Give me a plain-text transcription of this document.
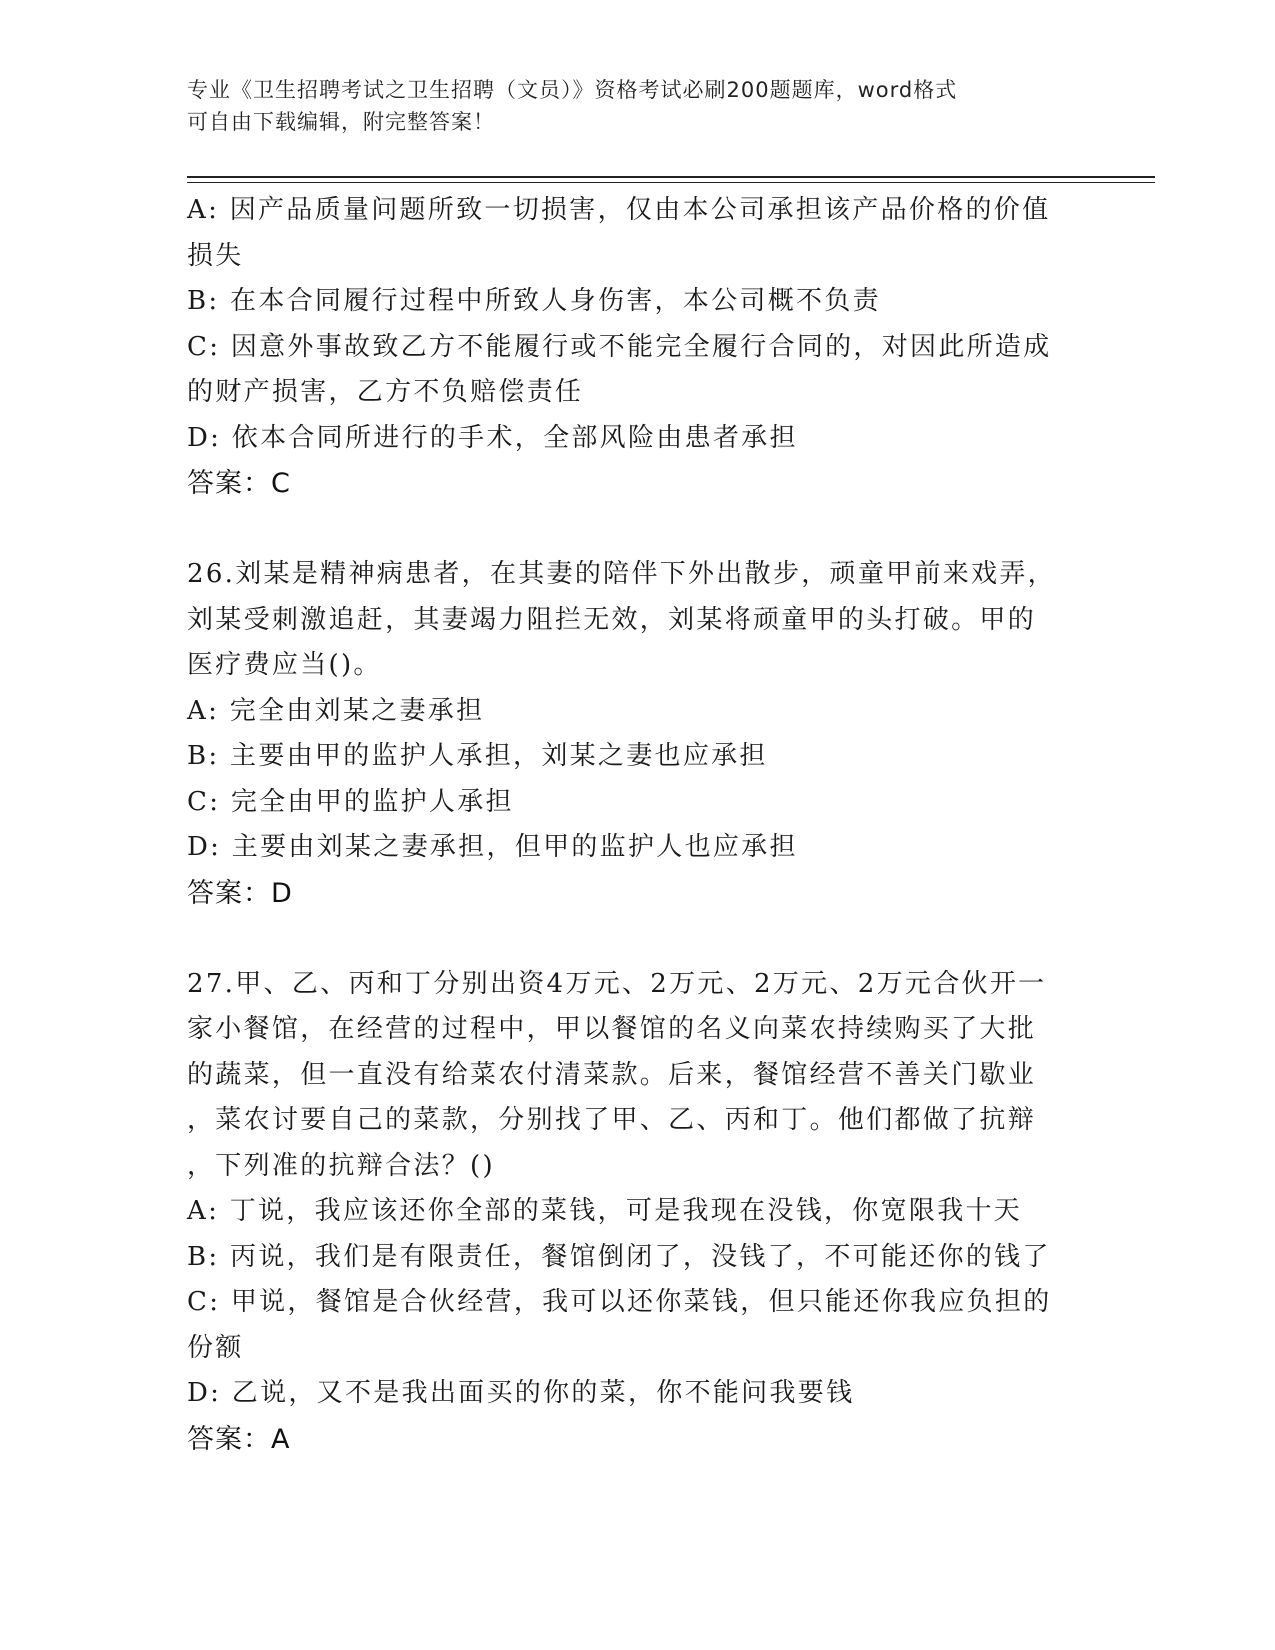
专业《卫生招聘考试之卫生招聘（文员）》资格考试必刷200题题库，word格式
可自由下载编辑，附完整答案！
A: 因产品质量问题所致一切损害，仅由本公司承担该产品价格的价值
损失
B: 在本合同履行过程中所致人身伤害，本公司概不负责
C: 因意外事故致乙方不能履行或不能完全履行合同的，对因此所造成
的财产损害，乙方不负赔偿责任
D: 依本合同所进行的手术，全部风险由患者承担
答案：C
26.刘某是精神病患者，在其妻的陪伴下外出散步，顽童甲前来戏弄，
刘某受刺激追赶，其妻竭力阻拦无效，刘某将顽童甲的头打破。甲的
医疗费应当()。
A: 完全由刘某之妻承担
B: 主要由甲的监护人承担，刘某之妻也应承担
C: 完全由甲的监护人承担
D: 主要由刘某之妻承担，但甲的监护人也应承担
答案：D
27.甲、乙、丙和丁分别出资4万元、2万元、2万元、2万元合伙开一
家小餐馆，在经营的过程中，甲以餐馆的名义向菜农持续购买了大批
的蔬菜，但一直没有给菜农付清菜款。后来，餐馆经营不善关门歇业
，菜农讨要自己的菜款，分别找了甲、乙、丙和丁。他们都做了抗辩
，下列准的抗辩合法？()
A: 丁说，我应该还你全部的菜钱，可是我现在没钱，你宽限我十天
B: 丙说，我们是有限责任，餐馆倒闭了，没钱了，不可能还你的钱了
C: 甲说，餐馆是合伙经营，我可以还你菜钱，但只能还你我应负担的
份额
D: 乙说，又不是我出面买的你的菜，你不能问我要钱
答案：A
